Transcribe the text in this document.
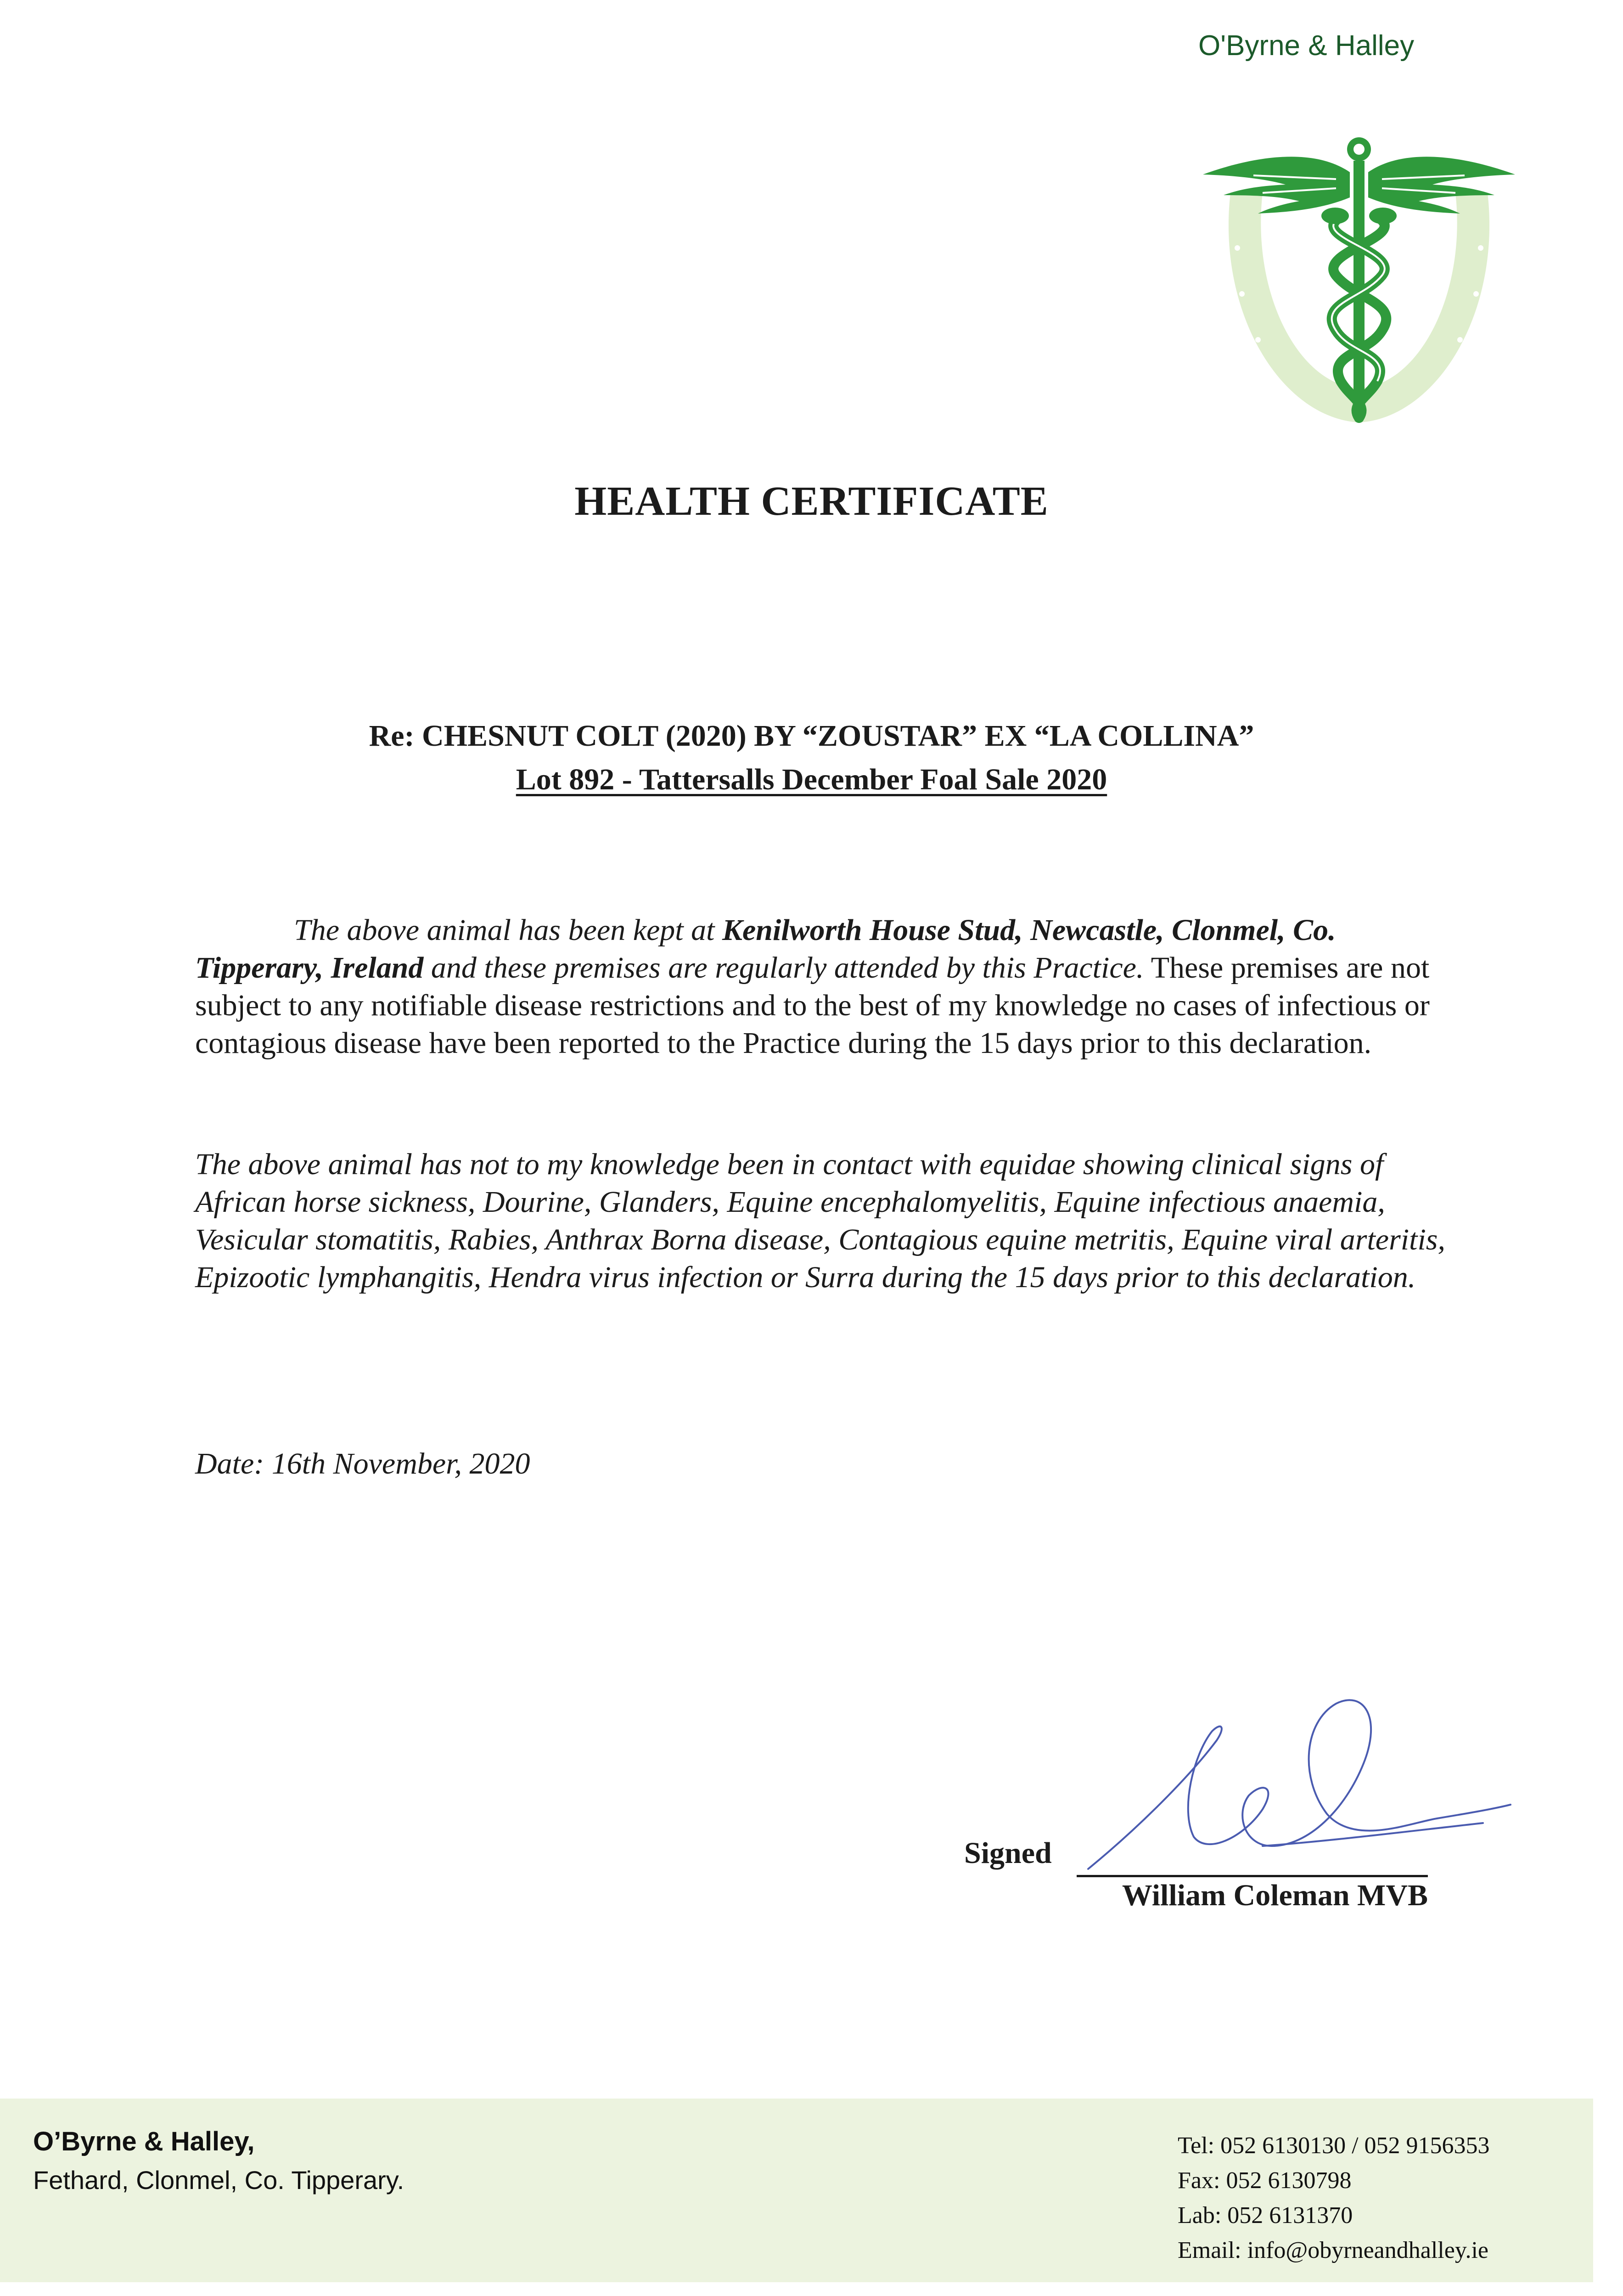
O'Byrne & Halley
HEALTH CERTIFICATE
Re: CHESNUT COLT (2020) BY “ZOUSTAR” EX “LA COLLINA”
Lot 892 - Tattersalls December Foal Sale 2020

The above animal has been kept at Kenilworth House Stud, Newcastle, Clonmel, Co. Tipperary, Ireland and these premises are regularly attended by this Practice. These premises are not subject to any notifiable disease restrictions and to the best of my knowledge no cases of infectious or contagious disease have been reported to the Practice during the 15 days prior to this declaration.

The above animal has not to my knowledge been in contact with equidae showing clinical signs of African horse sickness, Dourine, Glanders, Equine encephalomyelitis, Equine infectious anaemia, Vesicular stomatitis, Rabies, Anthrax Borna disease, Contagious equine metritis, Equine viral arteritis, Epizootic lymphangitis, Hendra virus infection or Surra during the 15 days prior to this declaration.

Date: 16th November, 2020
Signed
William Coleman MVB
O’Byrne & Halley,
Fethard, Clonmel, Co. Tipperary.
Tel: 052 6130130 / 052 9156353
Fax: 052 6130798
Lab: 052 6131370
Email: info@obyrneandhalley.ie
